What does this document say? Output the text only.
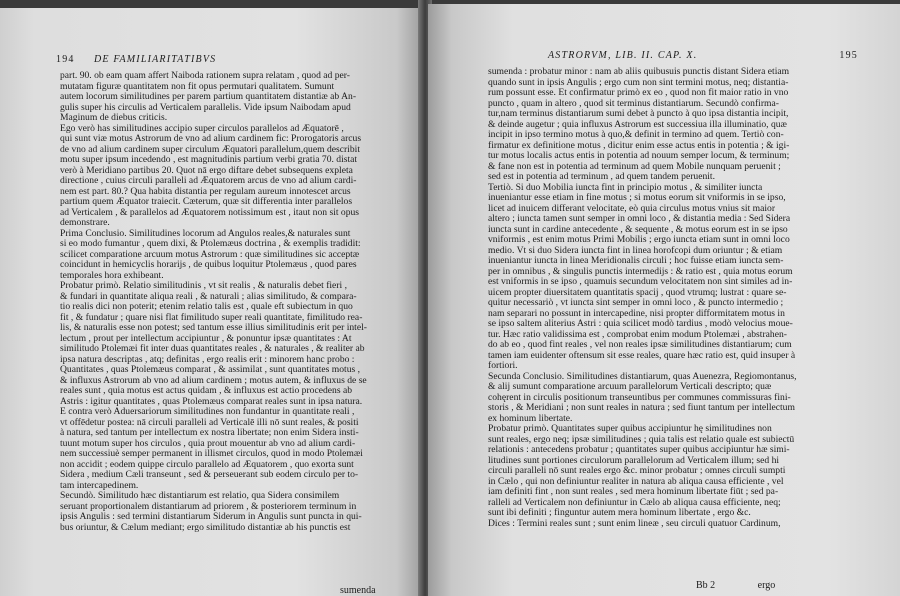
194 DE FAMILIARITATIBVS
part. 90. ob eam quam affert Naiboda rationem supra relatam , quod ad per-
mutatam figuræ quantitatem non fit opus permutari qualitatem. Sumunt
autem locorum similitudines per parem partium quantitatem distantiæ ab An-
gulis super his circulis ad Verticalem parallelis. Vide ipsum Naibodam apud
Maginum de diebus criticis.
Ego verò has similitudines accipio super circulos parallelos ad Æquatorē ,
qui sunt viæ motus Astrorum de vno ad alium cardinem fic: Prorogatoris arcus
de vno ad alium cardinem super circulum Æquatori parallelum,quem describit
motu super ipsum incedendo , est magnitudinis partium verbi gratia 70. distat
verò à Meridiano partibus 20. Quot nā ergo diftare debet subsequens expleta
directione , cuius circuli paralleli ad Æquatorem arcus de vno ad alium cardi-
nem est part. 80.? Qua habita distantia per regulam aureum innotescet arcus
partium quem Æquator traiecit. Cæterum, quæ sit differentia inter parallelos
ad Verticalem , & parallelos ad Æquatorem notissimum est , itaut non sit opus
demonstrare.
Prima Conclusio. Similitudines locorum ad Angulos reales,& naturales sunt
si eo modo fumantur , quem dixi, & Ptolemæus doctrina , & exemplis tradidit:
scilicet comparatione arcuum motus Astrorum : quæ similitudines sic acceptæ
coincidunt in hemicyclis horarijs , de quibus loquitur Ptolemæus , quod pares
temporales hora exhibeant.
Probatur primò. Relatio similitudinis , vt sit realis , & naturalis debet fieri ,
& fundari in quantitate aliqua reali , & naturali ; alias similitudo, & compara-
tio realis dici non poterit; etenim relatio talis est , quale eft subiectum in quo
fit , & fundatur ; quare nisi flat fimilitudo super reali quantitate, fimilitudo rea-
lis, & naturalis esse non potest; sed tantum esse illius similitudinis erit per intel-
lectum , prout per intellectum accipiuntur , & ponuntur ipsæ quantitates : At
similitudo Ptolemæi fit inter duas quantitates reales , & naturales , & realiter ab
ipsa natura descriptas , atq; definitas , ergo realis erit : minorem hanc probo :
Quantitates , quas Ptolemæus comparat , & assimilat , sunt quantitates motus ,
& influxus Astrorum ab vno ad alium cardinem ; motus autem, & influxus de se
reales sunt , quia motus est actus quidam , & influxus est actio procedens ab
Astris : igitur quantitates , quas Ptolemæus comparat reales sunt in ipsa natura.
E contra verò Aduersariorum similitudines non fundantur in quantitate reali ,
vt offēdetur postea: nā circuli paralleli ad Verticalē illi nō sunt reales, & positi
à natura, sed tantum per intellectum ex nostra libertate; non enim Sidera insti-
tuunt motum super hos circulos , quia prout mouentur ab vno ad alium cardi-
nem successiuè semper permanent in illismet circulos, quod in modo Ptolemæi
non accidit ; eodem quippe circulo parallelo ad Æquatorem , quo exorta sunt
Sidera , medium Cæli transeunt , sed & perseuerant sub eodem circulo per to-
tam intercapedinem.
Secundò. Similitudo hæc distantiarum est relatio, qua Sidera consimilem
seruant proportionalem distantiarum ad priorem , & posteriorem terminum in
ipsis Angulis : sed termini distantiarum Siderum in Angulis sunt puncta in qui-
bus oriuntur, & Cælum mediant; ergo similitudo distantiæ ab his punctis est
sumenda
ASTRORVM, LIB. II. CAP. X.	195
sumenda : probatur minor : nam ab aliis quibusuis punctis distant Sidera etiam
quando sunt in ipsis Angulis ; ergo cum non sint termini motus, neq; distantia-
rum possunt esse. Et confirmatur primò ex eo , quod non fit maior ratio in vno
puncto , quam in altero , quod sit terminus distantiarum. Secundò confirma-
tur,nam terminus distantiarum sumi debet à puncto à quo ipsa distantia incipit,
& deinde augetur ; quia influxus Astrorum est successiua illa illuminatio, quæ
incipit in ipso termino motus à quo,& definit in termino ad quem. Tertiò con-
firmatur ex definitione motus , dicitur enim esse actus entis in potentia ; & igi-
tur motus localis actus entis in potentia ad nouum semper locum, & terminum;
& fane non est in potentia ad terminum ad quem Mobile nunquam peruenit ;
sed est in potentia ad terminum , ad quem tandem peruenit.
Tertiò. Si duo Mobilia iuncta fint in principio motus , & similiter iuncta
inueniantur esse etiam in fine motus ; si motus eorum sit vniformis in se ipso,
licet ad inuicem differant velocitate, eò quia circulus motus vnius sit maior
altero ; iuncta tamen sunt semper in omni loco , & distantia media : Sed Sidera
iuncta sunt in cardine antecedente , & sequente , & motus eorum est in se ipso
vniformis , est enim motus Primi Mobilis ; ergo iuncta etiam sunt in omni loco
medio. Vt si duo Sidera iuncta fint in linea horofcopi dum oriuntur ; & etiam
inueniantur iuncta in linea Meridionalis circuli ; hoc fuisse etiam iuncta sem-
per in omnibus , & singulis punctis intermedijs : & ratio est , quia motus eorum
est vniformis in se ipso , quamuis secundum velocitatem non sint similes ad in-
uicem propter diuersitatem quantitatis spacij , quod vtrumq; lustrat : quare se-
quitur necessariò , vt iuncta sint semper in omni loco , & puncto intermedio ;
nam separari no possunt in intercapedine, nisi propter difformitatem motus in
se ipso saltem aliterius Astri : quia scilicet modò tardius , modò velocius moue-
tur. Hæc ratio validissima est , comprobat enim modum Ptolemæi , abstrahen-
do ab eo , quod fint reales , vel non reales ipsæ similitudines distantiarum; cum
tamen iam euidenter oftensum sit esse reales, quare hæc ratio est, quid insuper à
fortiori.
Secunda Conclusio. Similitudines distantiarum, quas Auenezra, Regiomontanus,
& alij sumunt comparatione arcuum parallelorum Verticali descripto; quæ
cohęrent in circulis positionum transeuntibus per communes commissuras fini-
storis , & Meridiani ; non sunt reales in natura ; sed fiunt tantum per intellectum
ex hominum libertate.
Probatur primò. Quantitates super quibus accipiuntur hę similitudines non
sunt reales, ergo neq; ipsæ similitudines ; quia talis est relatio quale est subiectū
relationis : antecedens probatur ; quantitates super quibus accipiuntur hæ simi-
litudines sunt portiones circulorum parallelorum ad Verticalem illum; sed hi
circuli paralleli nō sunt reales ergo &c. minor probatur ; omnes circuli sumpti
in Cælo , qui non definiuntur realiter in natura ab aliqua causa efficiente , vel
iam definiti fint , non sunt reales , sed mera hominum libertate fiūt ; sed pa-
ralleli ad Verticalem non definiuntur in Cælo ab aliqua causa efficiente, neq;
sunt ibi definiti ; finguntur autem mera hominum libertate , ergo &c.
Dices : Termini reales sunt ; sunt enim lineæ , seu circuli quatuor Cardinum,
Bb 2	ergo
